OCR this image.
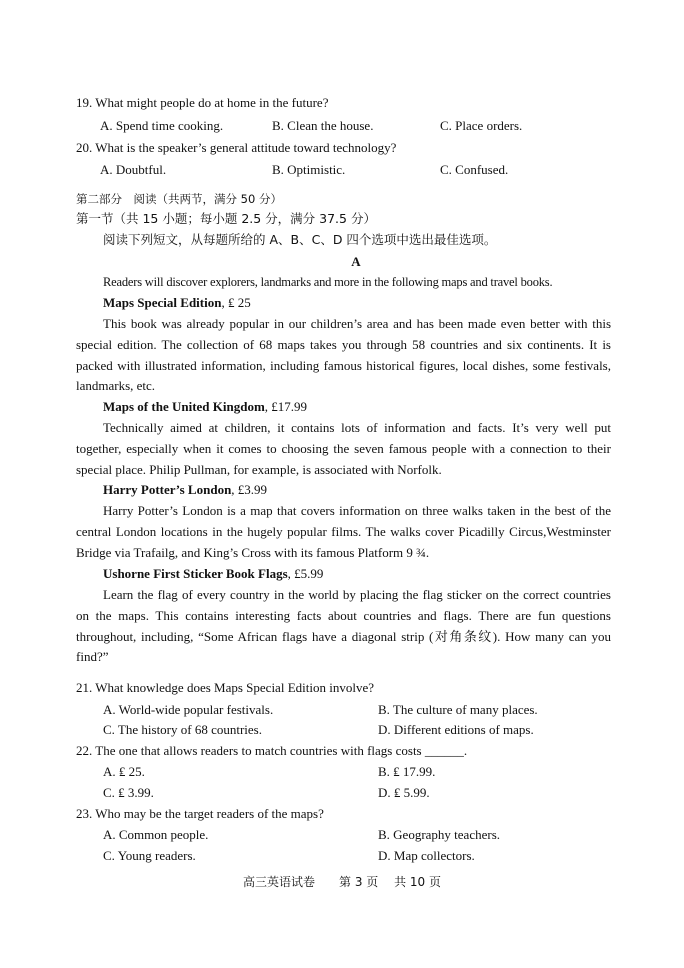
19. What might people do at home in the future?
A. Spend time cooking.	B. Clean the house.	C. Place orders.
20. What is the speaker’s general attitude toward technology?
A. Doubtful.	B. Optimistic.	C. Confused.
第二部分　阅读（共两节，满分 50 分）
第一节（共 15 小题；每小题 2.5 分，满分 37.5 分）
阅读下列短文，从每题所给的 A、B、C、D 四个选项中选出最佳选项。
A
Readers will discover explorers, landmarks and more in the following maps and travel books.
Maps Special Edition, ₤ 25
This book was already popular in our children’s area and has been made even better with this special edition. The collection of 68 maps takes you through 58 countries and six continents. It is packed with illustrated information, including famous historical figures, local dishes, some festivals, landmarks, etc.
Maps of the United Kingdom, £17.99
Technically aimed at children, it contains lots of information and facts. It’s very well put together, especially when it comes to choosing the seven famous people with a connection to their special place. Philip Pullman, for example, is associated with Norfolk.
Harry Potter’s London, £3.99
Harry Potter’s London is a map that covers information on three walks taken in the best of the central London locations in the hugely popular films. The walks cover Picadilly Circus,Westminster Bridge via Trafailg, and King’s Cross with its famous Platform 9 ¾.
Ushorne First Sticker Book Flags, £5.99
Learn the flag of every country in the world by placing the flag sticker on the correct countries on the maps. This contains interesting facts about countries and flags. There are fun questions throughout, including, “Some African flags have a diagonal strip (对角条纹). How many can you find?”
21. What knowledge does Maps Special Edition involve?
A. World-wide popular festivals.	B. The culture of many places.
C. The history of 68 countries.	D. Different editions of maps.
22. The one that allows readers to match countries with flags costs ______.
A. ₤ 25.	B. ₤ 17.99.
C. ₤ 3.99.	D. ₤ 5.99.
23. Who may be the target readers of the maps?
A. Common people.	B. Geography teachers.
C. Young readers.	D. Map collectors.
高三英语试卷　　第 3 页　 共 10 页
